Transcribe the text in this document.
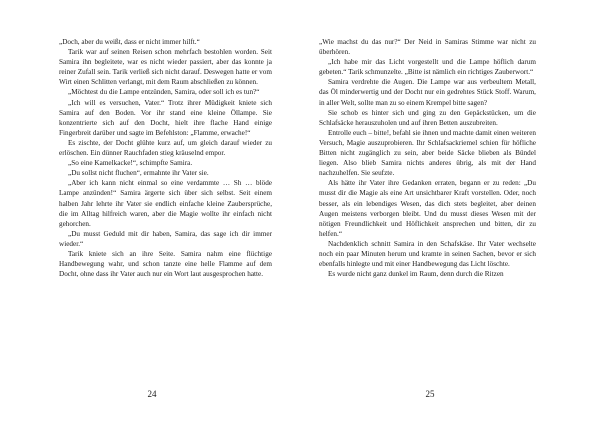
„Doch, aber du weißt, dass er nicht immer hilft.“

Tarik war auf seinen Reisen schon mehrfach bestohlen worden. Seit Samira ihn begleitete, war es nicht wieder passiert, aber das konnte ja reiner Zufall sein. Tarik verließ sich nicht darauf. Deswegen hatte er vom Wirt einen Schlitten verlangt, mit dem Raum abschließen zu können.

„Möchtest du die Lampe entzünden, Samira, oder soll ich es tun?“

„Ich will es versuchen, Vater.“ Trotz ihrer Müdigkeit kniete sich Samira auf den Boden. Vor ihr stand eine kleine Öllampe. Sie konzentrierte sich auf den Docht, hielt ihre flache Hand einige Fingerbreit darüber und sagte im Befehlston: „Flamme, erwache!“

Es zischte, der Docht glühte kurz auf, um gleich darauf wieder zu erlöschen. Ein dünner Rauchfaden stieg kräuselnd empor.

„So eine Kamelkacke!“, schimpfte Samira.

„Du sollst nicht fluchen“, ermahnte ihr Vater sie.

„Aber ich kann nicht einmal so eine verdammte … Sh … blöde Lampe anzünden!“ Samira ärgerte sich über sich selbst. Seit einem halben Jahr lehrte ihr Vater sie endlich einfache kleine Zaubersprüche, die im Alltag hilfreich waren, aber die Magie wollte ihr einfach nicht gehorchen.

„Du musst Geduld mit dir haben, Samira, das sage ich dir immer wieder.“

Tarik kniete sich an ihre Seite. Samira nahm eine flüchtige Handbewegung wahr, und schon tanzte eine helle Flamme auf dem Docht, ohne dass ihr Vater auch nur ein Wort laut ausgesprochen hatte.

24

„Wie machst du das nur?“ Der Neid in Samiras Stimme war nicht zu überhören.

„Ich habe mir das Licht vorgestellt und die Lampe höflich darum gebeten.“ Tarik schmunzelte. „Bitte ist nämlich ein richtiges Zauberwort.“

Samira verdrehte die Augen. Die Lampe war aus verbeultem Metall, das Öl minderwertig und der Docht nur ein gedrehtes Stück Stoff. Warum, in aller Welt, sollte man zu so einem Krempel bitte sagen?

Sie schob es hinter sich und ging zu den Gepäckstücken, um die Schlafsäcke herauszuholen und auf ihren Betten auszubreiten.

Entrolle euch – bitte!, befahl sie ihnen und machte damit einen weiteren Versuch, Magie auszuprobieren. Ihr Schlafsackriemel schien für höfliche Bitten nicht zugänglich zu sein, aber beide Säcke blieben als Bündel liegen. Also blieb Samira nichts anderes übrig, als mit der Hand nachzuhelfen. Sie seufzte.

Als hätte ihr Vater ihre Gedanken erraten, begann er zu reden: „Du musst dir die Magie als eine Art unsichtbarer Kraft vorstellen. Oder, noch besser, als ein lebendiges Wesen, das dich stets begleitet, aber deinen Augen meistens verborgen bleibt. Und du musst dieses Wesen mit der nötigen Freundlichkeit und Höflichkeit ansprechen und bitten, dir zu helfen.“

Nachdenklich schnitt Samira in den Schafskäse. Ihr Vater wechselte noch ein paar Minuten herum und kramte in seinen Sachen, bevor er sich ebenfalls hinlegte und mit einer Handbewegung das Licht löschte.

Es wurde nicht ganz dunkel im Raum, denn durch die Ritzen

25
